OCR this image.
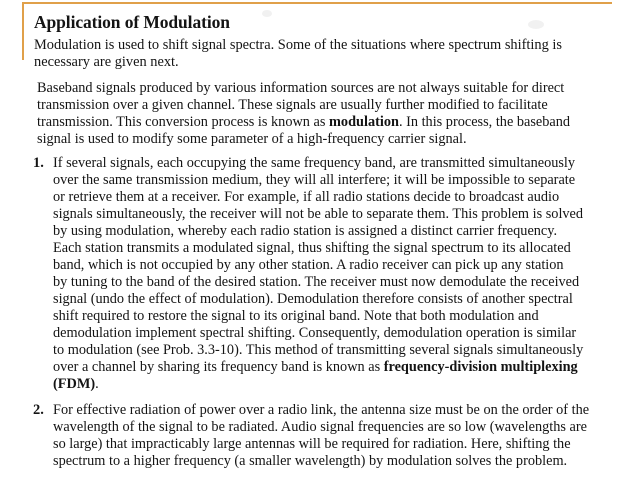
Application of Modulation
Modulation is used to shift signal spectra. Some of the situations where spectrum shifting is
necessary are given next.
Baseband signals produced by various information sources are not always suitable for direct
transmission over a given channel. These signals are usually further modified to facilitate
transmission. This conversion process is known as modulation. In this process, the baseband
signal is used to modify some parameter of a high-frequency carrier signal.
1. If several signals, each occupying the same frequency band, are transmitted simultaneously
over the same transmission medium, they will all interfere; it will be impossible to separate
or retrieve them at a receiver. For example, if all radio stations decide to broadcast audio
signals simultaneously, the receiver will not be able to separate them. This problem is solved
by using modulation, whereby each radio station is assigned a distinct carrier frequency.
Each station transmits a modulated signal, thus shifting the signal spectrum to its allocated
band, which is not occupied by any other station. A radio receiver can pick up any station
by tuning to the band of the desired station. The receiver must now demodulate the received
signal (undo the effect of modulation). Demodulation therefore consists of another spectral
shift required to restore the signal to its original band. Note that both modulation and
demodulation implement spectral shifting. Consequently, demodulation operation is similar
to modulation (see Prob. 3.3-10). This method of transmitting several signals simultaneously
over a channel by sharing its frequency band is known as frequency-division multiplexing
(FDM).
2. For effective radiation of power over a radio link, the antenna size must be on the order of the
wavelength of the signal to be radiated. Audio signal frequencies are so low (wavelengths are
so large) that impracticably large antennas will be required for radiation. Here, shifting the
spectrum to a higher frequency (a smaller wavelength) by modulation solves the problem.
